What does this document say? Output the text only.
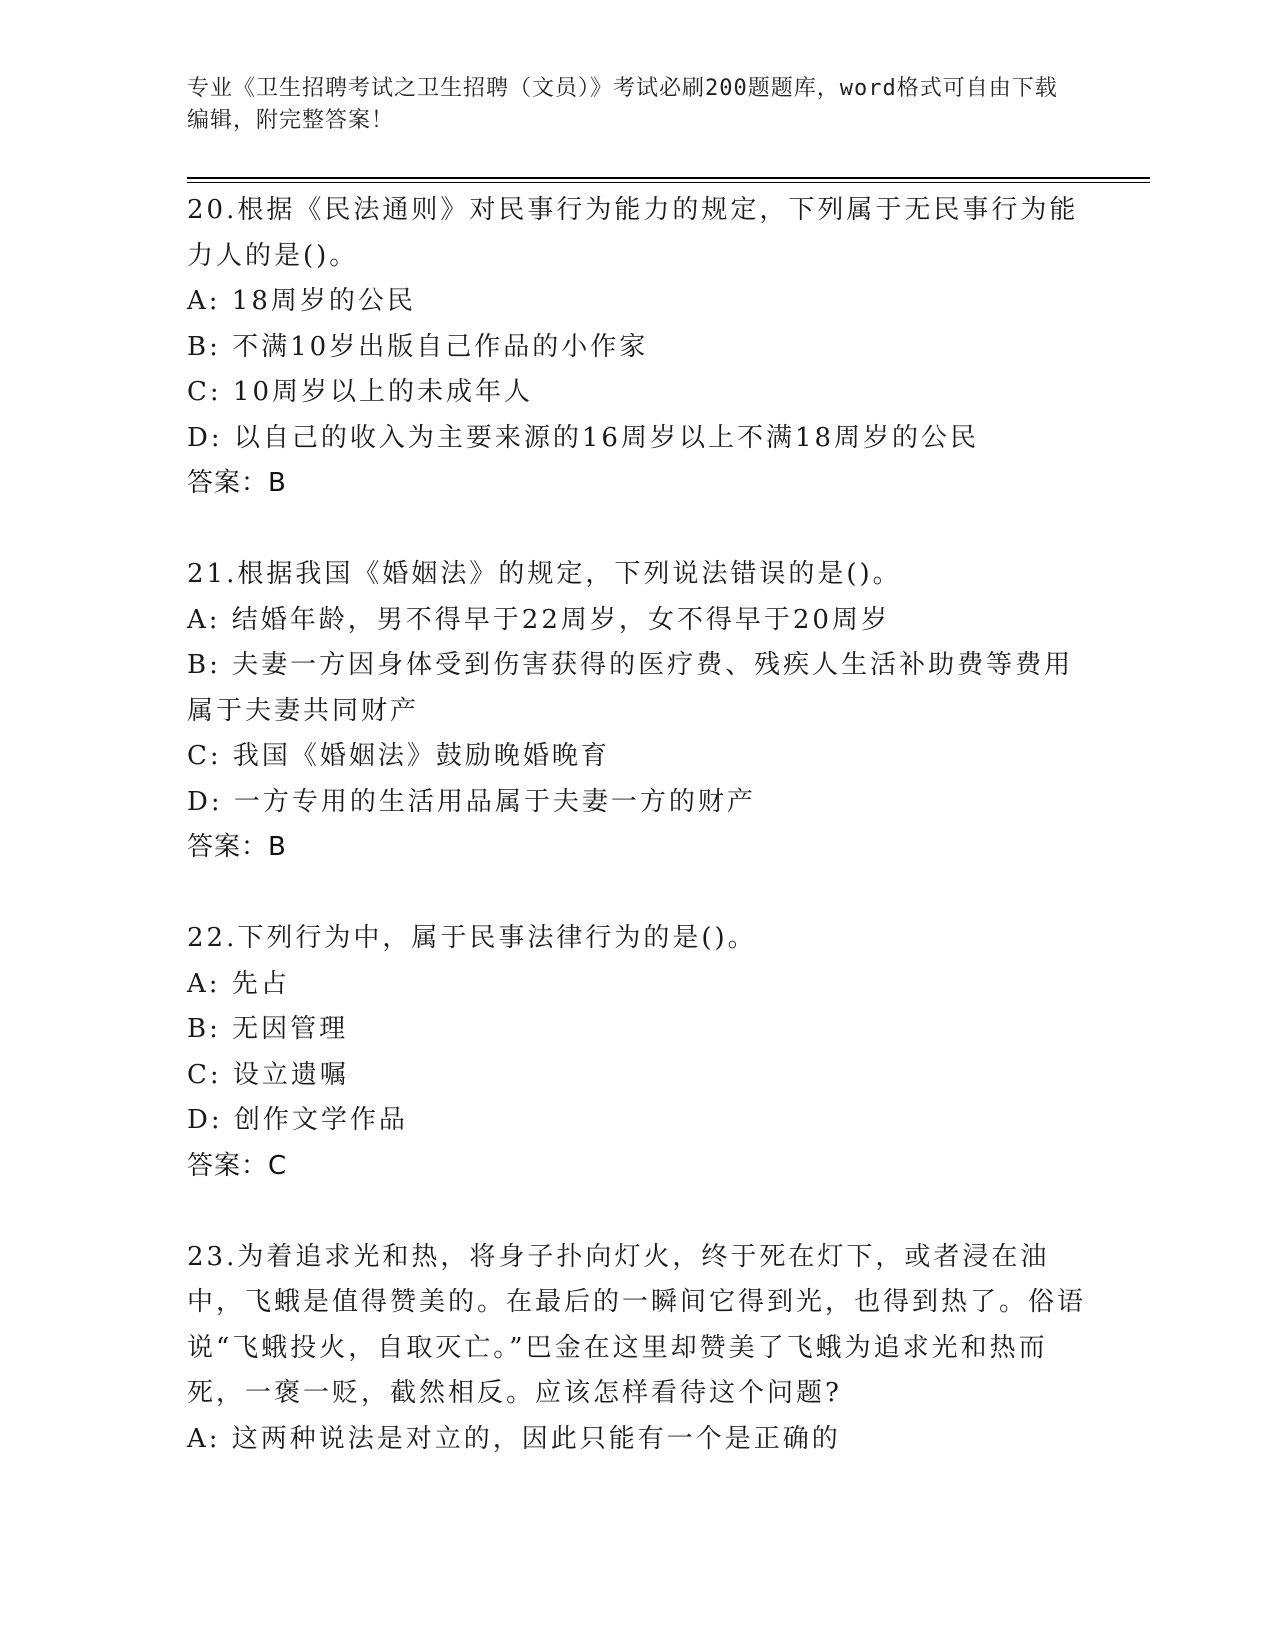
专业《卫生招聘考试之卫生招聘（文员）》考试必刷200题题库，word格式可自由下载编辑，附完整答案！

20.根据《民法通则》对民事行为能力的规定，下列属于无民事行为能力人的是()。

A: 18周岁的公民

B: 不满10岁出版自己作品的小作家

C: 10周岁以上的未成年人

D: 以自己的收入为主要来源的16周岁以上不满18周岁的公民

答案：B

21.根据我国《婚姻法》的规定，下列说法错误的是()。

A: 结婚年龄，男不得早于22周岁，女不得早于20周岁

B: 夫妻一方因身体受到伤害获得的医疗费、残疾人生活补助费等费用属于夫妻共同财产

C: 我国《婚姻法》鼓励晚婚晚育

D: 一方专用的生活用品属于夫妻一方的财产

答案：B

22.下列行为中，属于民事法律行为的是()。

A: 先占

B: 无因管理

C: 设立遗嘱

D: 创作文学作品

答案：C

23.为着追求光和热，将身子扑向灯火，终于死在灯下，或者浸在油中，飞蛾是值得赞美的。在最后的一瞬间它得到光，也得到热了。俗语说“飞蛾投火，自取灭亡。”巴金在这里却赞美了飞蛾为追求光和热而死，一褒一贬，截然相反。应该怎样看待这个问题?

A: 这两种说法是对立的，因此只能有一个是正确的
